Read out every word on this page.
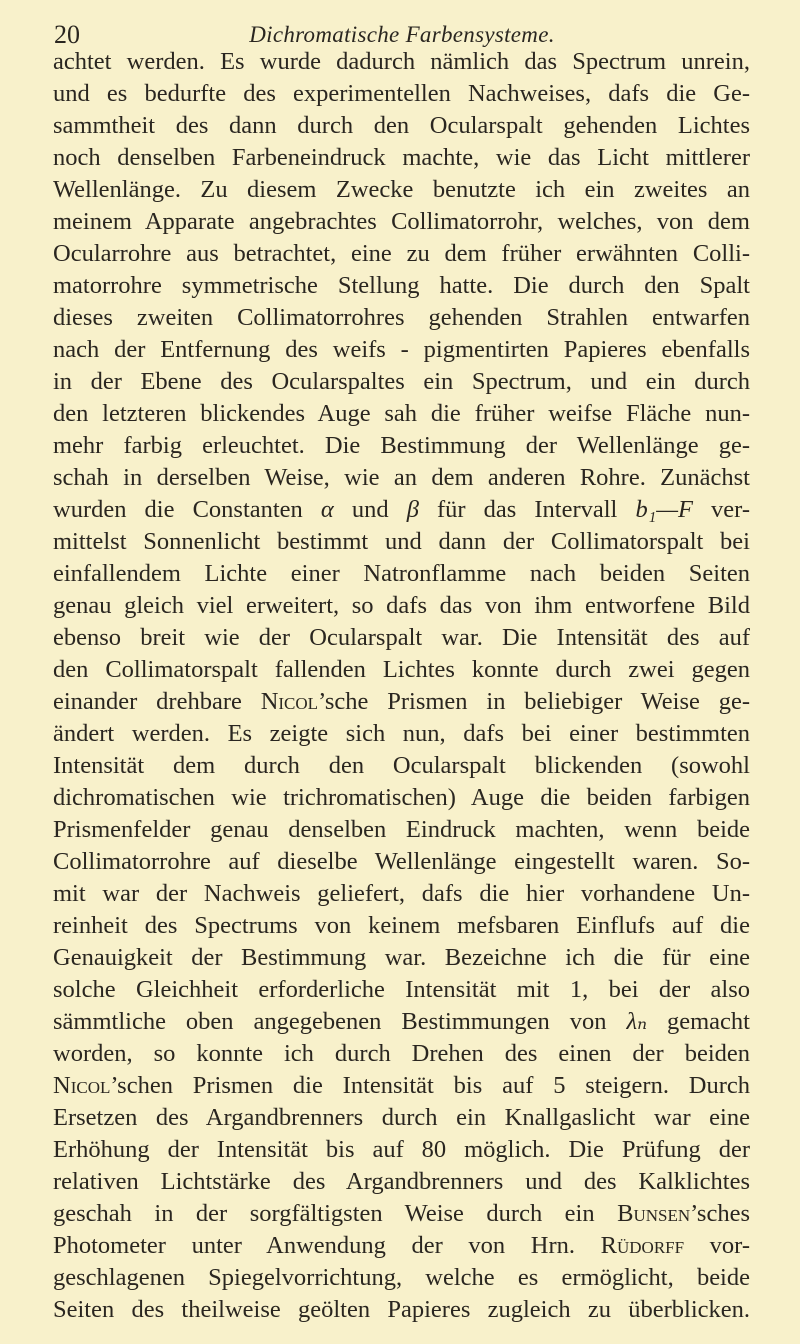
20	Dichromatische Farbensysteme.
achtet werden. Es wurde dadurch nämlich das Spectrum unrein,
und es bedurfte des experimentellen Nachweises, dafs die Ge-
sammtheit des dann durch den Ocularspalt gehenden Lichtes
noch denselben Farbeneindruck machte, wie das Licht mittlerer
Wellenlänge. Zu diesem Zwecke benutzte ich ein zweites an
meinem Apparate angebrachtes Collimatorrohr, welches, von dem
Ocularrohre aus betrachtet, eine zu dem früher erwähnten Colli-
matorrohre symmetrische Stellung hatte. Die durch den Spalt
dieses zweiten Collimatorrohres gehenden Strahlen entwarfen
nach der Entfernung des weifs - pigmentirten Papieres ebenfalls
in der Ebene des Ocularspaltes ein Spectrum, und ein durch
den letzteren blickendes Auge sah die früher weifse Fläche nun-
mehr farbig erleuchtet. Die Bestimmung der Wellenlänge ge-
schah in derselben Weise, wie an dem anderen Rohre. Zunächst
wurden die Constanten α und β für das Intervall b₁—F ver-
mittelst Sonnenlicht bestimmt und dann der Collimatorspalt bei
einfallendem Lichte einer Natronflamme nach beiden Seiten
genau gleich viel erweitert, so dafs das von ihm entworfene Bild
ebenso breit wie der Ocularspalt war. Die Intensität des auf
den Collimatorspalt fallenden Lichtes konnte durch zwei gegen
einander drehbare Nicol’sche Prismen in beliebiger Weise ge-
ändert werden. Es zeigte sich nun, dafs bei einer bestimmten
Intensität dem durch den Ocularspalt blickenden (sowohl
dichromatischen wie trichromatischen) Auge die beiden farbigen
Prismenfelder genau denselben Eindruck machten, wenn beide
Collimatorrohre auf dieselbe Wellenlänge eingestellt waren. So-
mit war der Nachweis geliefert, dafs die hier vorhandene Un-
reinheit des Spectrums von keinem mefsbaren Einflufs auf die
Genauigkeit der Bestimmung war. Bezeichne ich die für eine
solche Gleichheit erforderliche Intensität mit 1, bei der also
sämmtliche oben angegebenen Bestimmungen von λₙ gemacht
worden, so konnte ich durch Drehen des einen der beiden
Nicol’schen Prismen die Intensität bis auf 5 steigern. Durch
Ersetzen des Argandbrenners durch ein Knallgaslicht war eine
Erhöhung der Intensität bis auf 80 möglich. Die Prüfung der
relativen Lichtstärke des Argandbrenners und des Kalklichtes
geschah in der sorgfältigsten Weise durch ein Bunsen’sches
Photometer unter Anwendung der von Hrn. Rüdorff vor-
geschlagenen Spiegelvorrichtung, welche es ermöglicht, beide
Seiten des theilweise geölten Papieres zugleich zu überblicken.
